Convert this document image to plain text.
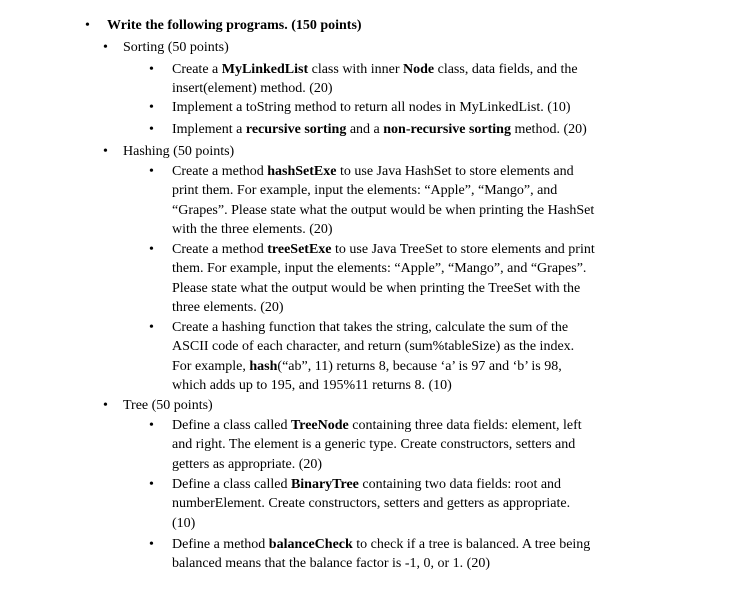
• Write the following programs. (150 points)
• Sorting (50 points)
• Create a MyLinkedList class with inner Node class, data fields, and the
insert(element) method. (20)
• Implement a toString method to return all nodes in MyLinkedList. (10)
• Implement a recursive sorting and a non-recursive sorting method. (20)
• Hashing (50 points)
• Create a method hashSetExe to use Java HashSet to store elements and
print them. For example, input the elements: “Apple”, “Mango”, and
“Grapes”. Please state what the output would be when printing the HashSet
with the three elements. (20)
• Create a method treeSetExe to use Java TreeSet to store elements and print
them. For example, input the elements: “Apple”, “Mango”, and “Grapes”.
Please state what the output would be when printing the TreeSet with the
three elements. (20)
• Create a hashing function that takes the string, calculate the sum of the
ASCII code of each character, and return (sum%tableSize) as the index.
For example, hash(“ab”, 11) returns 8, because ‘a’ is 97 and ‘b’ is 98,
which adds up to 195, and 195%11 returns 8. (10)
• Tree (50 points)
• Define a class called TreeNode containing three data fields: element, left
and right. The element is a generic type. Create constructors, setters and
getters as appropriate. (20)
• Define a class called BinaryTree containing two data fields: root and
numberElement. Create constructors, setters and getters as appropriate.
(10)
• Define a method balanceCheck to check if a tree is balanced. A tree being
balanced means that the balance factor is -1, 0, or 1. (20)
